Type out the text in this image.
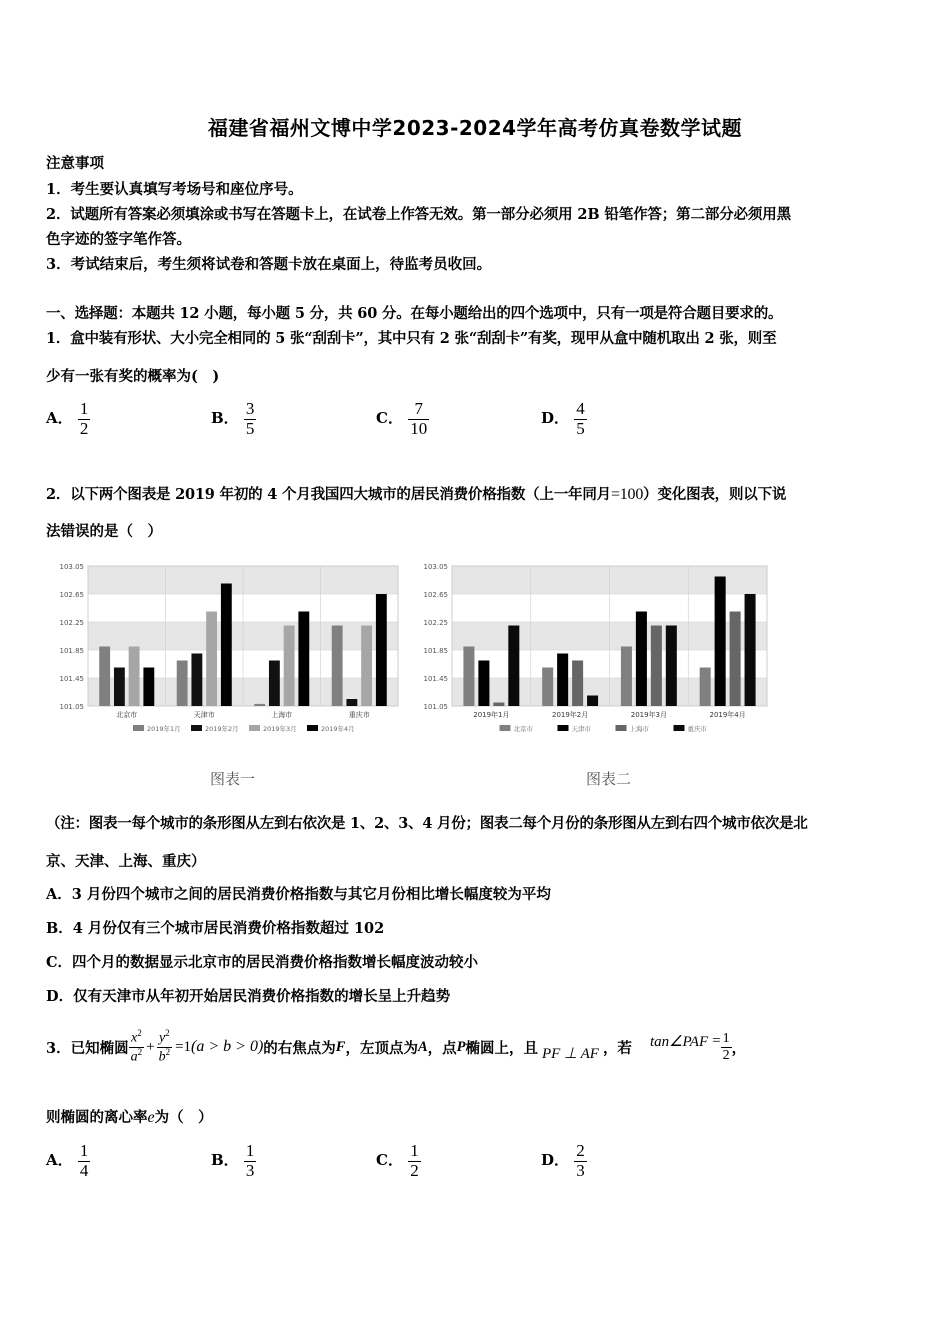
福建省福州文博中学2023-2024学年高考仿真卷数学试题
注意事项
1．考生要认真填写考场号和座位序号。
2．试题所有答案必须填涂或书写在答题卡上，在试卷上作答无效。第一部分必须用 2B 铅笔作答；第二部分必须用黑
色字迹的签字笔作答。
3．考试结束后，考生须将试卷和答题卡放在桌面上，待监考员收回。
一、选择题：本题共 12 小题，每小题 5 分，共 60 分。在每小题给出的四个选项中，只有一项是符合题目要求的。
1．盒中装有形状、大小完全相同的 5 张“刮刮卡”，其中只有 2 张“刮刮卡”有奖，现甲从盒中随机取出 2 张，则至
少有一张有奖的概率为(　)
A． $\frac{1}{2}$	B． $\frac{3}{5}$	C． $\frac{7}{10}$	D． $\frac{4}{5}$
2．以下两个图表是 2019 年初的 4 个月我国四大城市的居民消费价格指数（上一年同月=100）变化图表，则以下说
法错误的是（　）
101.05
101.45
101.85
102.25
102.65
103.05
北京市	天津市	上海市	重庆市
2019年1月	2019年2月	2019年3月	2019年4月
101.05
101.45
101.85
102.25
102.65
103.05
2019年1月	2019年2月	2019年3月	2019年4月
北京市	天津市	上海市	重庆市
图表一	图表二
（注：图表一每个城市的条形图从左到右依次是 1、2、3、4 月份；图表二每个月份的条形图从左到右四个城市依次是北
京、天津、上海、重庆）
A．3 月份四个城市之间的居民消费价格指数与其它月份相比增长幅度较为平均
B．4 月份仅有三个城市居民消费价格指数超过 102
C．四个月的数据显示北京市的居民消费价格指数增长幅度波动较小
D．仅有天津市从年初开始居民消费价格指数的增长呈上升趋势
3．已知椭圆 $\frac{x^2}{a^2} + \frac{y^2}{b^2} =1$ (a > b > 0) 的右焦点为 F ，左顶点为 A ，点 P 椭圆上，且 PF ⊥ AF ，若 tan∠PAF = $\frac{1}{2}$ ，
则椭圆的离心率e为（　）
A． $\frac{1}{4}$	B． $\frac{1}{3}$	C． $\frac{1}{2}$	D． $\frac{2}{3}$
